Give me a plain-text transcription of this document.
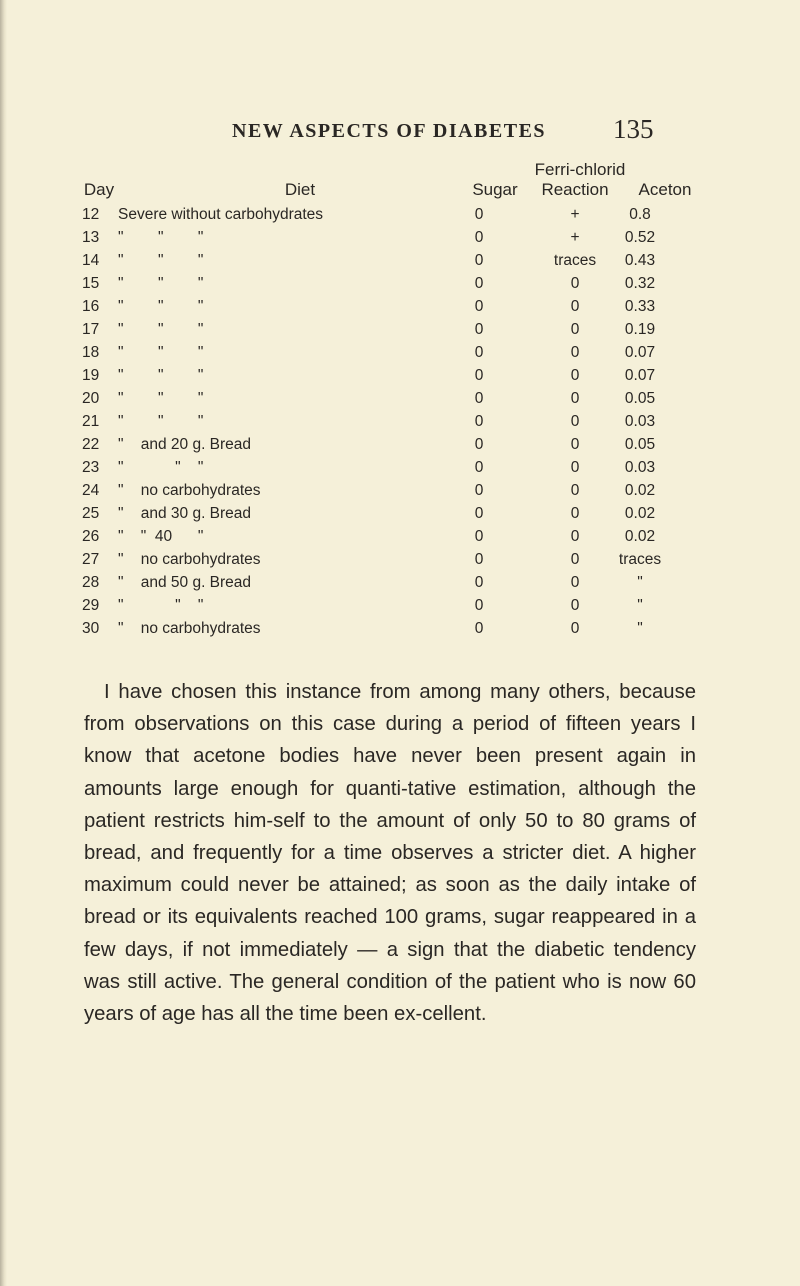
NEW ASPECTS OF DIABETES 135
Ferri-chlorid
Day	Diet	Sugar	Reaction	Aceton
12	Severe without carbohydrates	0	+	0.8
13	"        "        "	0	+	0.52
14	"        "        "	0	traces	0.43
15	"        "        "	0	0	0.32
16	"        "        "	0	0	0.33
17	"        "        "	0	0	0.19
18	"        "        "	0	0	0.07
19	"        "        "	0	0	0.07
20	"        "        "	0	0	0.05
21	"        "        "	0	0	0.03
22	"    and 20 g. Bread	0	0	0.05
23	"            "    "	0	0	0.03
24	"    no carbohydrates	0	0	0.02
25	"    and 30 g. Bread	0	0	0.02
26	"    "  40      "	0	0	0.02
27	"    no carbohydrates	0	0	traces
28	"    and 50 g. Bread	0	0	"
29	"            "    "	0	0	"
30	"    no carbohydrates	0	0	"

I have chosen this instance from among many others, because from observations on this case during a period of fifteen years I know that acetone bodies have never been present again in amounts large enough for quanti-tative estimation, although the patient restricts him-self to the amount of only 50 to 80 grams of bread, and frequently for a time observes a stricter diet. A higher maximum could never be attained; as soon as the daily intake of bread or its equivalents reached 100 grams, sugar reappeared in a few days, if not immediately — a sign that the diabetic tendency was still active. The general condition of the patient who is now 60 years of age has all the time been ex-cellent.
